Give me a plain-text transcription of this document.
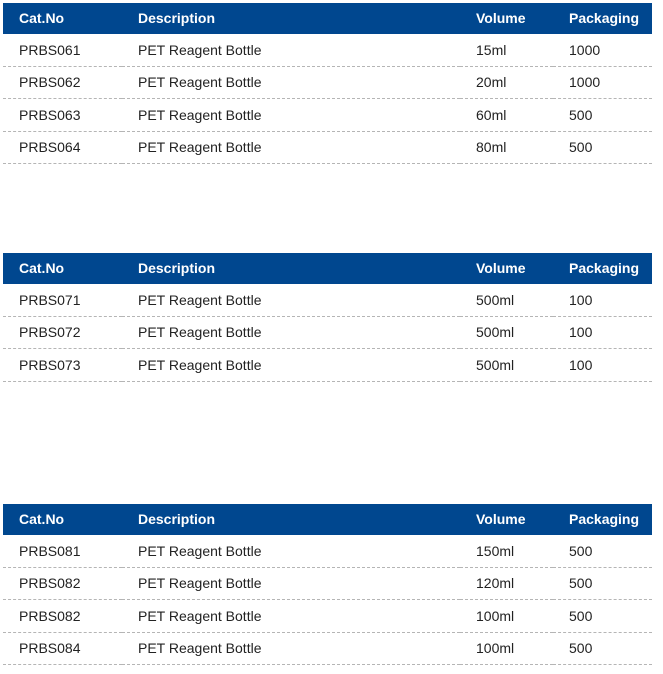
Cat.No	Description	Volume	Packaging
PRBS061	PET Reagent Bottle	15ml	1000
PRBS062	PET Reagent Bottle	20ml	1000
PRBS063	PET Reagent Bottle	60ml	500
PRBS064	PET Reagent Bottle	80ml	500
Cat.No	Description	Volume	Packaging
PRBS071	PET Reagent Bottle	500ml	100
PRBS072	PET Reagent Bottle	500ml	100
PRBS073	PET Reagent Bottle	500ml	100
Cat.No	Description	Volume	Packaging
PRBS081	PET Reagent Bottle	150ml	500
PRBS082	PET Reagent Bottle	120ml	500
PRBS082	PET Reagent Bottle	100ml	500
PRBS084	PET Reagent Bottle	100ml	500
